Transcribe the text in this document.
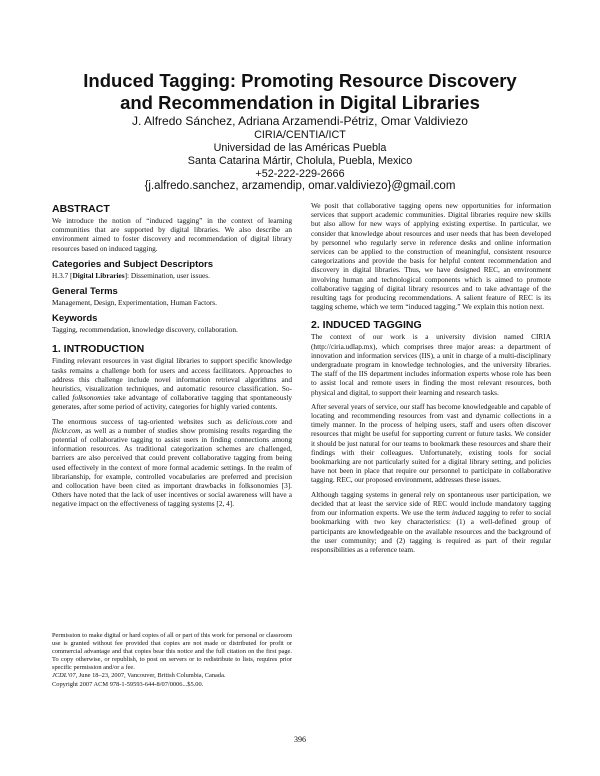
Induced Tagging: Promoting Resource Discovery
and Recommendation in Digital Libraries
J. Alfredo Sánchez, Adriana Arzamendi-Pétriz, Omar Valdiviezo
CIRIA/CENTIA/ICT
Universidad de las Américas Puebla
Santa Catarina Mártir, Cholula, Puebla, Mexico
+52-222-229-2666
{j.alfredo.sanchez, arzamendip, omar.valdiviezo}@gmail.com
ABSTRACT

We introduce the notion of “induced tagging” in the context of learning communities that are supported by digital libraries. We also describe an environment aimed to foster discovery and recommendation of digital library resources based on induced tagging.

Categories and Subject Descriptors

H.3.7 [Digital Libraries]: Dissemination, user issues.

General Terms

Management, Design, Experimentation, Human Factors.

Keywords

Tagging, recommendation, knowledge discovery, collaboration.

1. INTRODUCTION

Finding relevant resources in vast digital libraries to support specific knowledge tasks remains a challenge both for users and access facilitators. Approaches to address this challenge include novel information retrieval algorithms and heuristics, visualization techniques, and automatic resource classification. So-called folksonomies take advantage of collaborative tagging that spontaneously generates, after some period of activity, categories for highly varied contents.

The enormous success of tag-oriented websites such as delicious.com and flickr.com, as well as a number of studies show promising results regarding the potential of collaborative tagging to assist users in finding connections among information resources. As traditional categorization schemes are challenged, barriers are also perceived that could prevent collaborative tagging from being used effectively in the context of more formal academic settings. In the realm of librarianship, for example, controlled vocabularies are preferred and precision and collocation have been cited as important drawbacks in folksonomies [3]. Others have noted that the lack of user incentives or social awareness will have a negative impact on the effectiveness of tagging systems [2, 4].

We posit that collaborative tagging opens new opportunities for information services that support academic communities. Digital libraries require new skills but also allow for new ways of applying existing expertise. In particular, we consider that knowledge about resources and user needs that has been developed by personnel who regularly serve in reference desks and online information services can be applied to the construction of meaningful, consistent resource categorizations and provide the basis for helpful content recommendation and discovery in digital libraries. Thus, we have designed REC, an environment involving human and technological components which is aimed to promote collaborative tagging of digital library resources and to take advantage of the resulting tags for producing recommendations. A salient feature of REC is its tagging scheme, which we term “induced tagging.” We explain this notion next.

2. INDUCED TAGGING

The context of our work is a university division named CIRIA (http://ciria.udlap.mx), which comprises three major areas: a department of innovation and information services (IIS), a unit in charge of a multi-disciplinary undergraduate program in knowledge technologies, and the university libraries. The staff of the IIS department includes information experts whose role has been to assist local and remote users in finding the most relevant resources, both physical and digital, to support their learning and research tasks.

After several years of service, our staff has become knowledgeable and capable of locating and recommending resources from vast and dynamic collections in a timely manner. In the process of helping users, staff and users often discover resources that might be useful for supporting current or future tasks. We consider it should be just natural for our teams to bookmark these resources and share their findings with their colleagues. Unfortunately, existing tools for social bookmarking are not particularly suited for a digital library setting, and policies have not been in place that require our personnel to participate in collaborative tagging. REC, our proposed environment, addresses these issues.

Although tagging systems in general rely on spontaneous user participation, we decided that at least the service side of REC would include mandatory tagging from our information experts. We use the term induced tagging to refer to social bookmarking with two key characteristics: (1) a well-defined group of participants are knowledgeable on the available resources and the background of the user community; and (2) tagging is required as part of their regular responsibilities as a reference team.

Permission to make digital or hard copies of all or part of this work for personal or classroom use is granted without fee provided that copies are not made or distributed for profit or commercial advantage and that copies bear this notice and the full citation on the first page. To copy otherwise, or republish, to post on servers or to redistribute to lists, requires prior specific permission and/or a fee.
JCDL’07, June 18–23, 2007, Vancouver, British Columbia, Canada.
Copyright 2007 ACM 978-1-59593-644-8/07/0006...$5.00.
396
